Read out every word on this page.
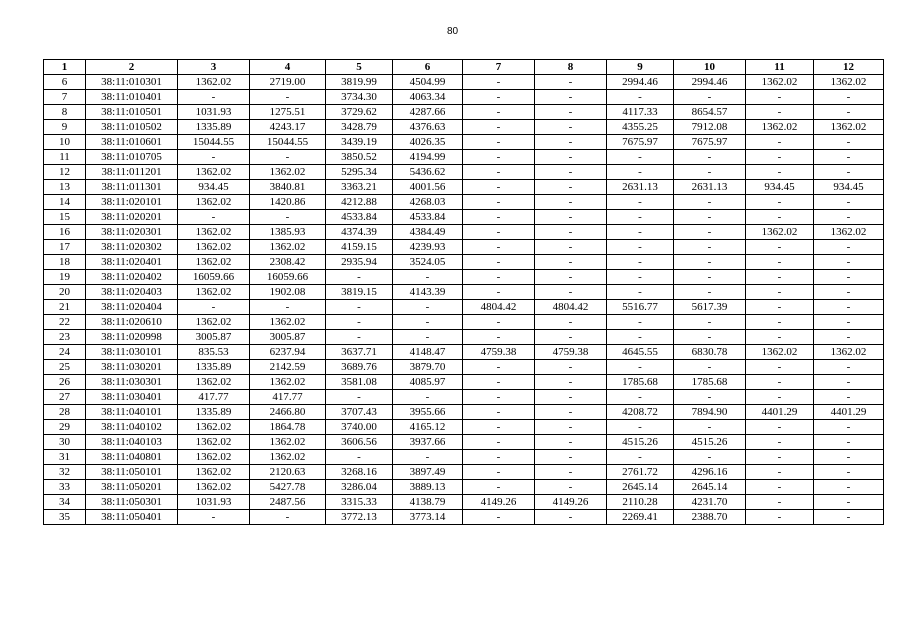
80
1	2	3	4	5	6	7	8	9	10	11	12
6	38:11:010301	1362.02	2719.00	3819.99	4504.99	-	-	2994.46	2994.46	1362.02	1362.02
7	38:11:010401	-	-	3734.30	4063.34	-	-	-	-	-	-
8	38:11:010501	1031.93	1275.51	3729.62	4287.66	-	-	4117.33	8654.57	-	-
9	38:11:010502	1335.89	4243.17	3428.79	4376.63	-	-	4355.25	7912.08	1362.02	1362.02
10	38:11:010601	15044.55	15044.55	3439.19	4026.35	-	-	7675.97	7675.97	-	-
11	38:11:010705	-	-	3850.52	4194.99	-	-	-	-	-	-
12	38:11:011201	1362.02	1362.02	5295.34	5436.62	-	-	-	-	-	-
13	38:11:011301	934.45	3840.81	3363.21	4001.56	-	-	2631.13	2631.13	934.45	934.45
14	38:11:020101	1362.02	1420.86	4212.88	4268.03	-	-	-	-	-	-
15	38:11:020201	-	-	4533.84	4533.84	-	-	-	-	-	-
16	38:11:020301	1362.02	1385.93	4374.39	4384.49	-	-	-	-	1362.02	1362.02
17	38:11:020302	1362.02	1362.02	4159.15	4239.93	-	-	-	-	-	-
18	38:11:020401	1362.02	2308.42	2935.94	3524.05	-	-	-	-	-	-
19	38:11:020402	16059.66	16059.66	-	-	-	-	-	-	-	-
20	38:11:020403	1362.02	1902.08	3819.15	4143.39	-	-	-	-	-	-
21	38:11:020404	-	-	-	-	4804.42	4804.42	5516.77	5617.39	-	-
22	38:11:020610	1362.02	1362.02	-	-	-	-	-	-	-	-
23	38:11:020998	3005.87	3005.87	-	-	-	-	-	-	-	-
24	38:11:030101	835.53	6237.94	3637.71	4148.47	4759.38	4759.38	4645.55	6830.78	1362.02	1362.02
25	38:11:030201	1335.89	2142.59	3689.76	3879.70	-	-	-	-	-	-
26	38:11:030301	1362.02	1362.02	3581.08	4085.97	-	-	1785.68	1785.68	-	-
27	38:11:030401	417.77	417.77	-	-	-	-	-	-	-	-
28	38:11:040101	1335.89	2466.80	3707.43	3955.66	-	-	4208.72	7894.90	4401.29	4401.29
29	38:11:040102	1362.02	1864.78	3740.00	4165.12	-	-	-	-	-	-
30	38:11:040103	1362.02	1362.02	3606.56	3937.66	-	-	4515.26	4515.26	-	-
31	38:11:040801	1362.02	1362.02	-	-	-	-	-	-	-	-
32	38:11:050101	1362.02	2120.63	3268.16	3897.49	-	-	2761.72	4296.16	-	-
33	38:11:050201	1362.02	5427.78	3286.04	3889.13	-	-	2645.14	2645.14	-	-
34	38:11:050301	1031.93	2487.56	3315.33	4138.79	4149.26	4149.26	2110.28	4231.70	-	-
35	38:11:050401	-	-	3772.13	3773.14	-	-	2269.41	2388.70	-	-
